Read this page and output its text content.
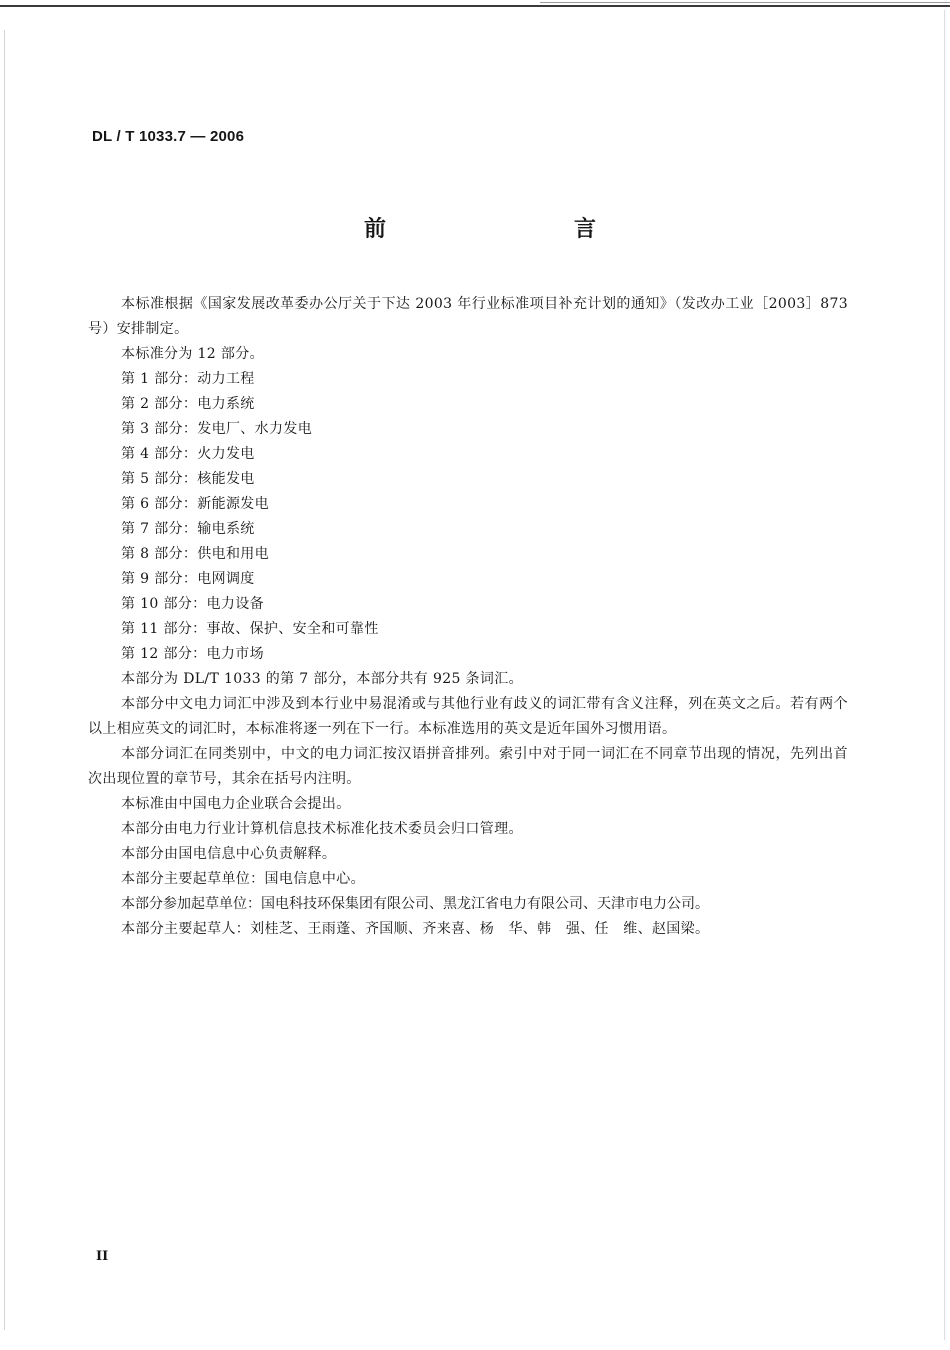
DL / T 1033.7 — 2006
前　　言

本标准根据《国家发展改革委办公厅关于下达 2003 年行业标准项目补充计划的通知》（发改办工业［2003］873 号）安排制定。

本标准分为 12 部分。

第 1 部分：动力工程

第 2 部分：电力系统

第 3 部分：发电厂、水力发电

第 4 部分：火力发电

第 5 部分：核能发电

第 6 部分：新能源发电

第 7 部分：输电系统

第 8 部分：供电和用电

第 9 部分：电网调度

第 10 部分：电力设备

第 11 部分：事故、保护、安全和可靠性

第 12 部分：电力市场

本部分为 DL/T 1033 的第 7 部分，本部分共有 925 条词汇。

本部分中文电力词汇中涉及到本行业中易混淆或与其他行业有歧义的词汇带有含义注释，列在英文之后。若有两个以上相应英文的词汇时，本标准将逐一列在下一行。本标准选用的英文是近年国外习惯用语。

本部分词汇在同类别中，中文的电力词汇按汉语拼音排列。索引中对于同一词汇在不同章节出现的情况，先列出首次出现位置的章节号，其余在括号内注明。

本标准由中国电力企业联合会提出。

本部分由电力行业计算机信息技术标准化技术委员会归口管理。

本部分由国电信息中心负责解释。

本部分主要起草单位：国电信息中心。

本部分参加起草单位：国电科技环保集团有限公司、黑龙江省电力有限公司、天津市电力公司。

本部分主要起草人：刘桂芝、王雨蓬、齐国顺、齐来喜、杨　华、韩　强、任　维、赵国梁。

II
